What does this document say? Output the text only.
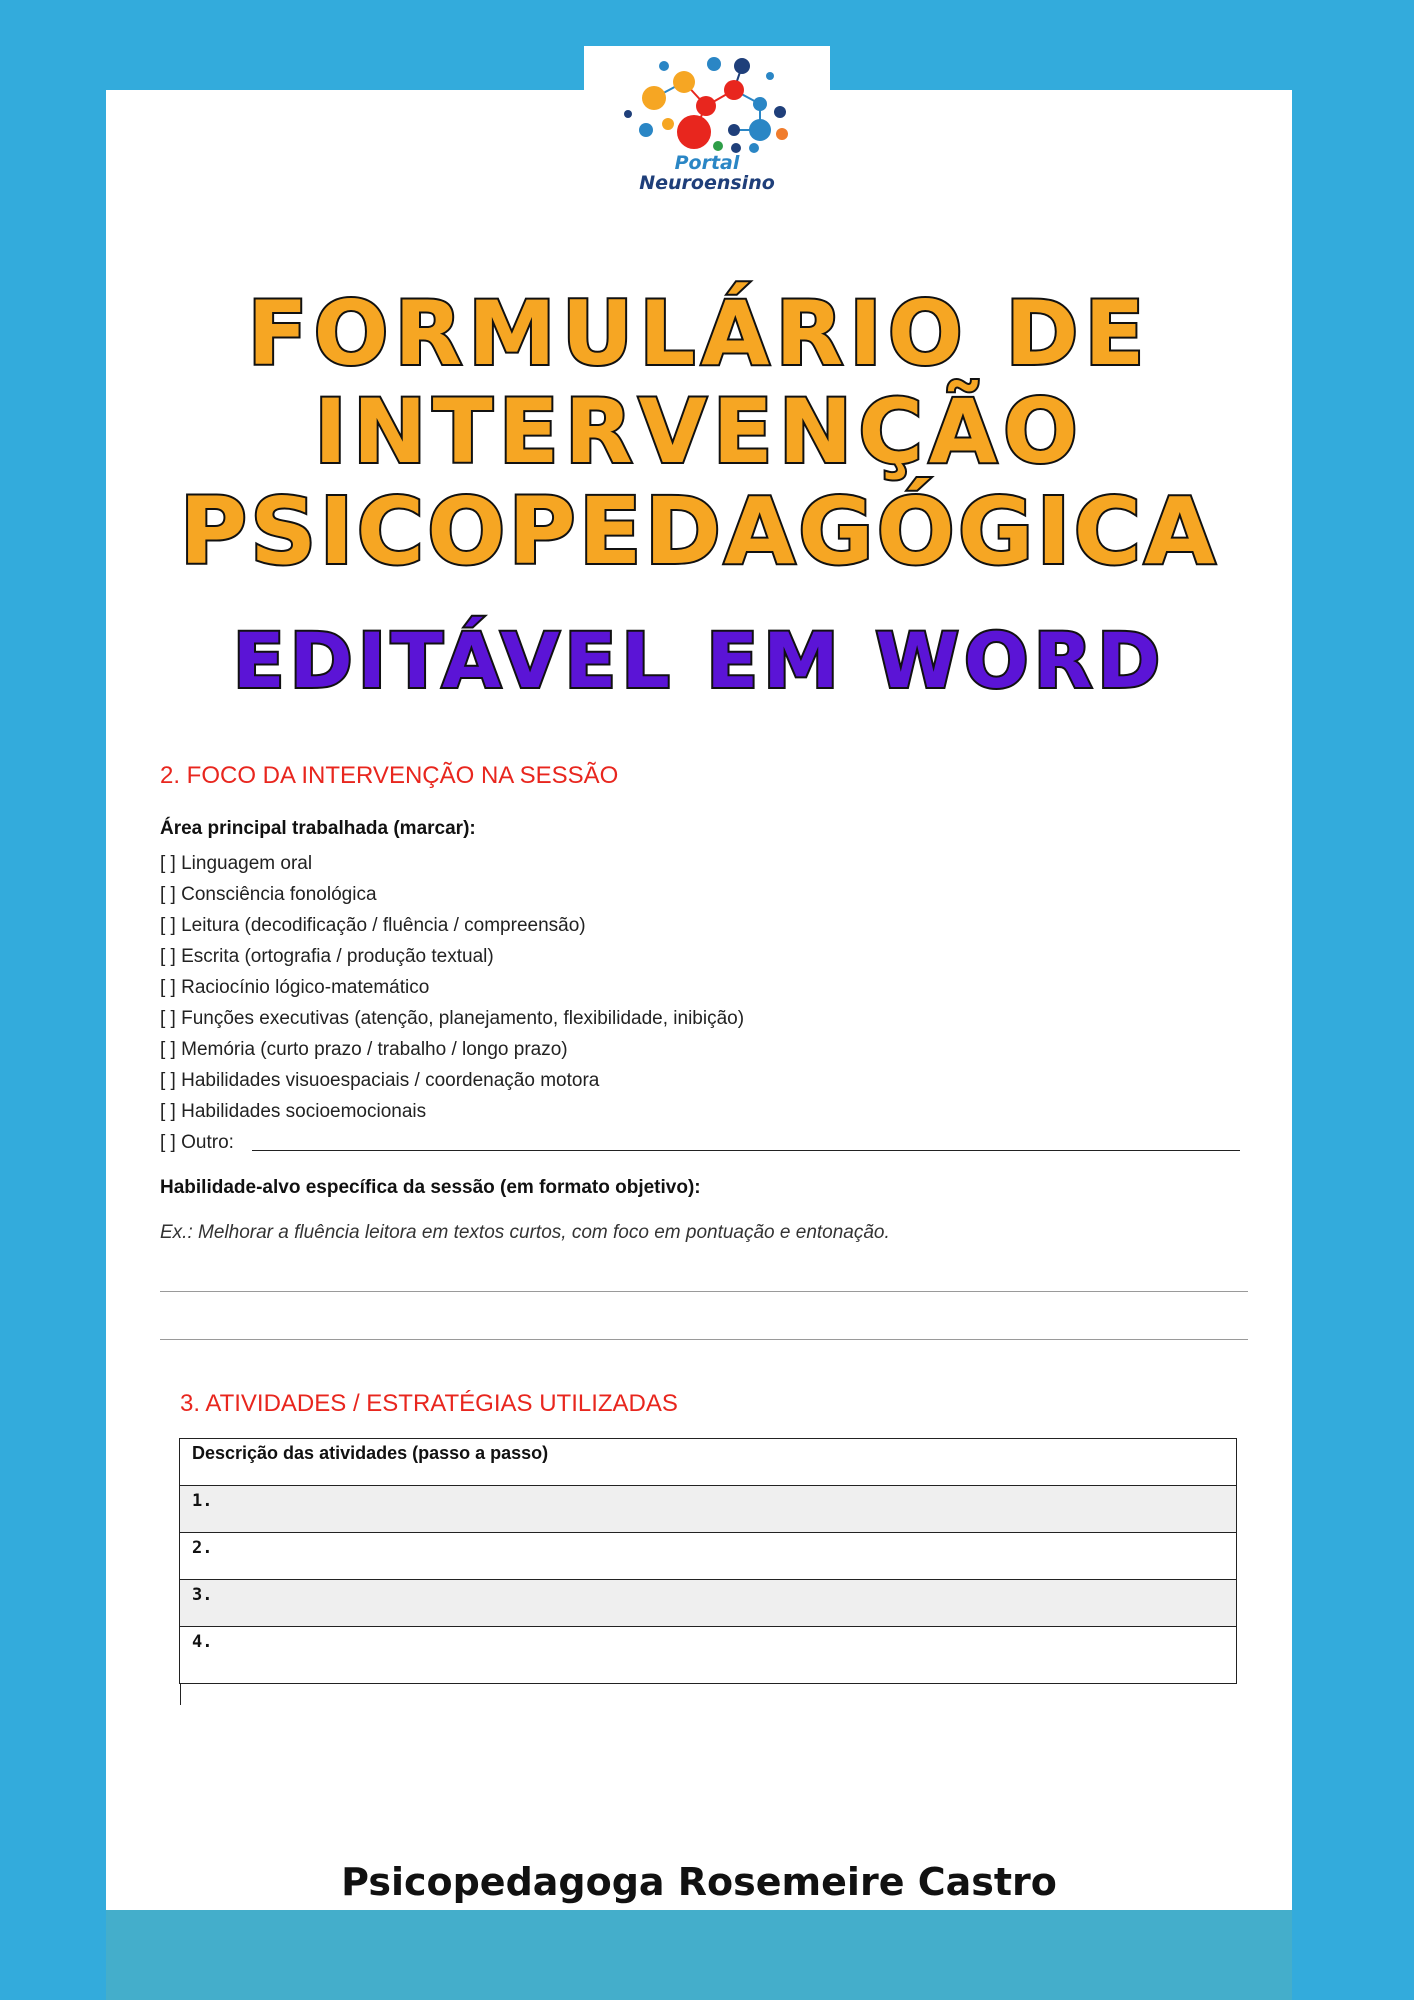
Portal
Neuroensino
FORMULÁRIO DE
INTERVENÇÃO
PSICOPEDAGÓGICA
EDITÁVEL EM WORD
2. FOCO DA INTERVENÇÃO NA SESSÃO
Área principal trabalhada (marcar):
[ ] Linguagem oral
[ ] Consciência fonológica
[ ] Leitura (decodificação / fluência / compreensão)
[ ] Escrita (ortografia / produção textual)
[ ] Raciocínio lógico-matemático
[ ] Funções executivas (atenção, planejamento, flexibilidade, inibição)
[ ] Memória (curto prazo / trabalho / longo prazo)
[ ] Habilidades visuoespaciais / coordenação motora
[ ] Habilidades socioemocionais
[ ] Outro:
Habilidade-alvo específica da sessão (em formato objetivo):
Ex.: Melhorar a fluência leitora em textos curtos, com foco em pontuação e entonação.
3. ATIVIDADES / ESTRATÉGIAS UTILIZADAS
Descrição das atividades (passo a passo)
1.
2.
3.
4.
Psicopedagoga Rosemeire Castro
